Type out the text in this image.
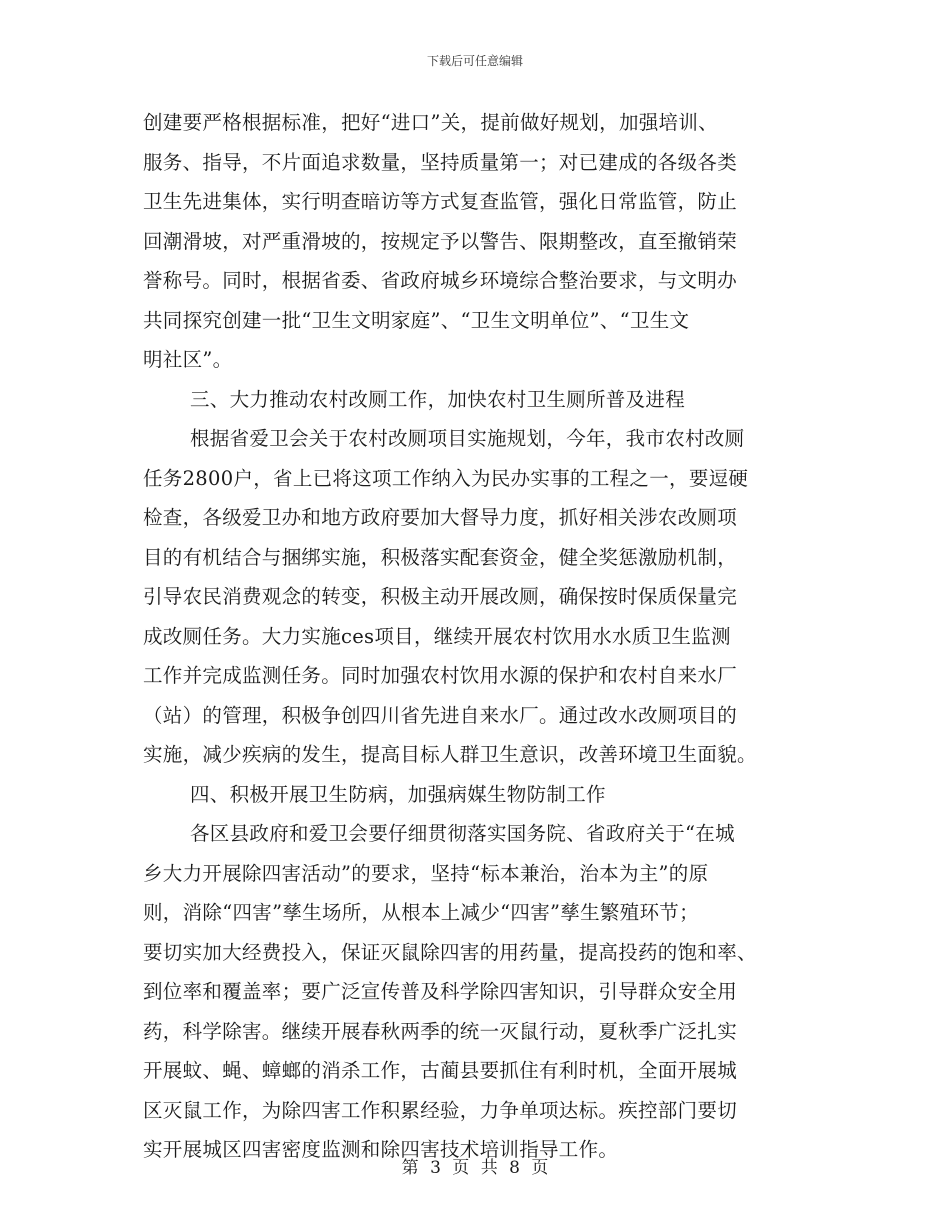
下载后可任意编辑
创建要严格根据标准，把好“进口”关，提前做好规划，加强培训、
服务、指导，不片面追求数量，坚持质量第一；对已建成的各级各类
卫生先进集体，实行明查暗访等方式复查监管，强化日常监管，防止
回潮滑坡，对严重滑坡的，按规定予以警告、限期整改，直至撤销荣
誉称号。同时，根据省委、省政府城乡环境综合整治要求，与文明办
共同探究创建一批“卫生文明家庭”、“卫生文明单位”、“卫生文
明社区”。
三、大力推动农村改厕工作，加快农村卫生厕所普及进程
根据省爱卫会关于农村改厕项目实施规划，今年，我市农村改厕
任务2800户，省上已将这项工作纳入为民办实事的工程之一，要逗硬
检查，各级爱卫办和地方政府要加大督导力度，抓好相关涉农改厕项
目的有机结合与捆绑实施，积极落实配套资金，健全奖惩激励机制，
引导农民消费观念的转变，积极主动开展改厕，确保按时保质保量完
成改厕任务。大力实施ces项目，继续开展农村饮用水水质卫生监测
工作并完成监测任务。同时加强农村饮用水源的保护和农村自来水厂
（站）的管理，积极争创四川省先进自来水厂。通过改水改厕项目的
实施，减少疾病的发生，提高目标人群卫生意识，改善环境卫生面貌。
四、积极开展卫生防病，加强病媒生物防制工作
各区县政府和爱卫会要仔细贯彻落实国务院、省政府关于“在城
乡大力开展除四害活动”的要求，坚持“标本兼治，治本为主”的原
则，消除“四害”孳生场所，从根本上减少“四害”孳生繁殖环节；
要切实加大经费投入，保证灭鼠除四害的用药量，提高投药的饱和率、
到位率和覆盖率；要广泛宣传普及科学除四害知识，引导群众安全用
药，科学除害。继续开展春秋两季的统一灭鼠行动，夏秋季广泛扎实
开展蚊、蝇、蟑螂的消杀工作，古蔺县要抓住有利时机，全面开展城
区灭鼠工作，为除四害工作积累经验，力争单项达标。疾控部门要切
实开展城区四害密度监测和除四害技术培训指导工作。
第 3 页 共 8 页
